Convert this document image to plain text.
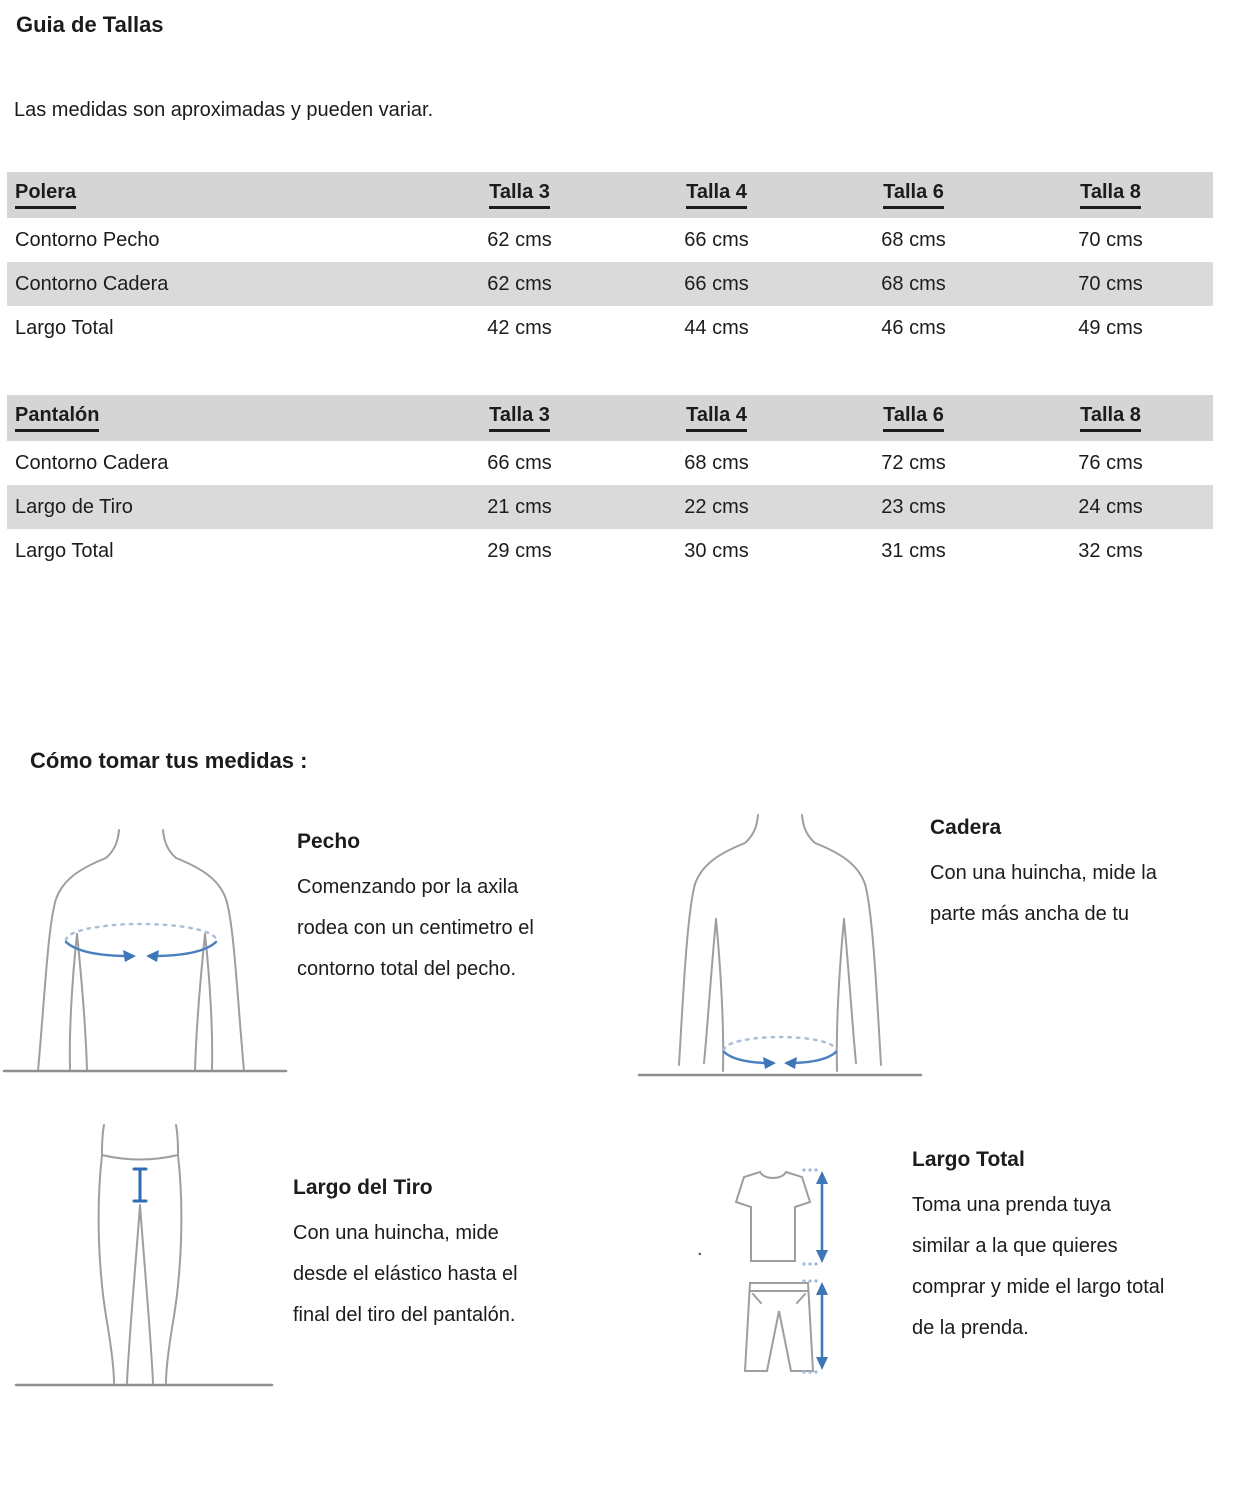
Guia de Tallas
Las medidas son aproximadas y pueden variar.
Polera	Talla 3	Talla 4	Talla 6	Talla 8
Contorno Pecho	62 cms	66 cms	68 cms	70 cms
Contorno Cadera	62 cms	66 cms	68 cms	70 cms
Largo Total	42 cms	44 cms	46 cms	49 cms
Pantalón	Talla 3	Talla 4	Talla 6	Talla 8
Contorno Cadera	66 cms	68 cms	72 cms	76 cms
Largo de Tiro	21 cms	22 cms	23 cms	24 cms
Largo Total	29 cms	30 cms	31 cms	32 cms
Cómo tomar tus medidas :
Pecho
Comenzando por la axila
rodea con un centimetro el
contorno total del pecho.
Cadera
Con una huincha, mide la
parte más ancha de tu
Largo del Tiro
Con una huincha, mide
desde el elástico hasta el
final del tiro del pantalón.
.
Largo Total
Toma una prenda tuya
similar a la que quieres
comprar y mide el largo total
de la prenda.
